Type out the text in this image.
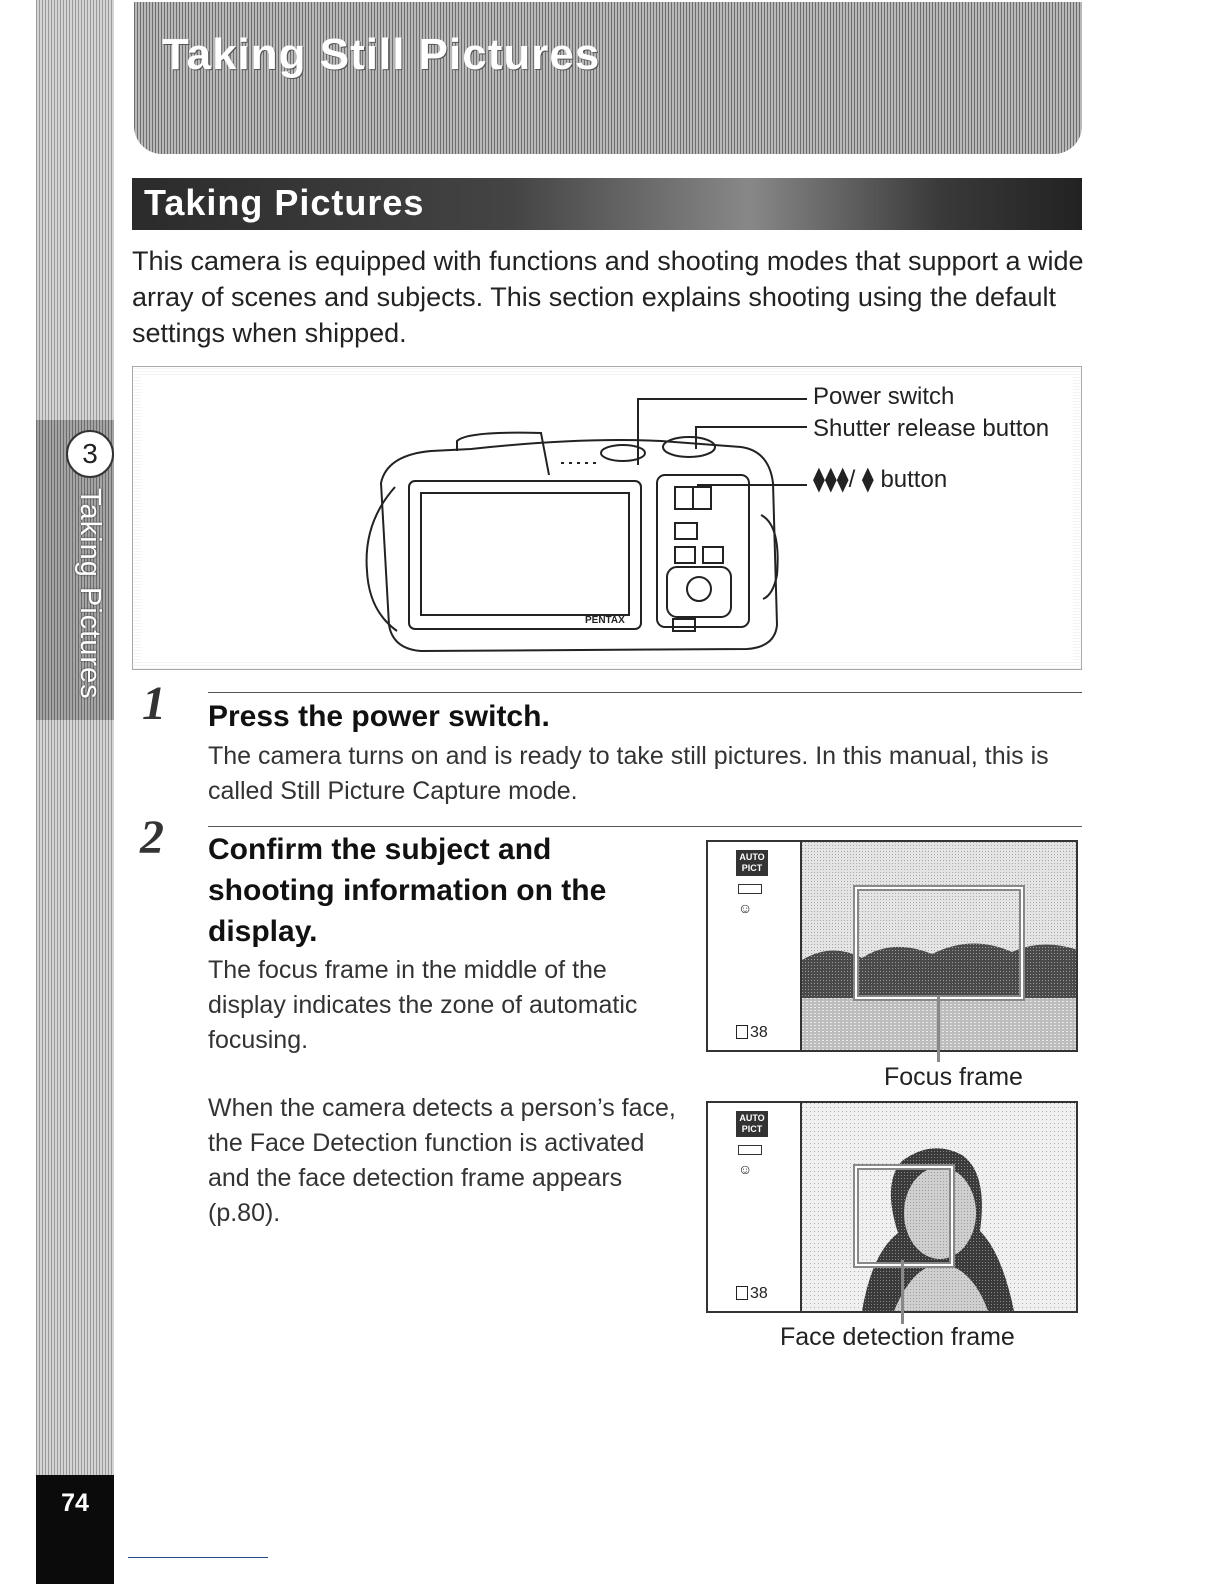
3
Taking Pictures
74
Taking Still Pictures
Taking Pictures
This camera is equipped with functions and shooting modes that support a wide array of scenes and subjects. This section explains shooting using the default settings when shipped.
PENTAX
Power switch
Shutter release button
⧫⧫⧫/ ⧫ button
1 Press the power switch.
The camera turns on and is ready to take still pictures. In this manual, this is called Still Picture Capture mode.
2 Confirm the subject and shooting information on the display.
The focus frame in the middle of the display indicates the zone of automatic focusing.
When the camera detects a person’s face, the Face Detection function is activated and the face detection frame appears (p.80).
AUTO PICT
☺
38
Focus frame
AUTO PICT
☺
38
Face detection frame
